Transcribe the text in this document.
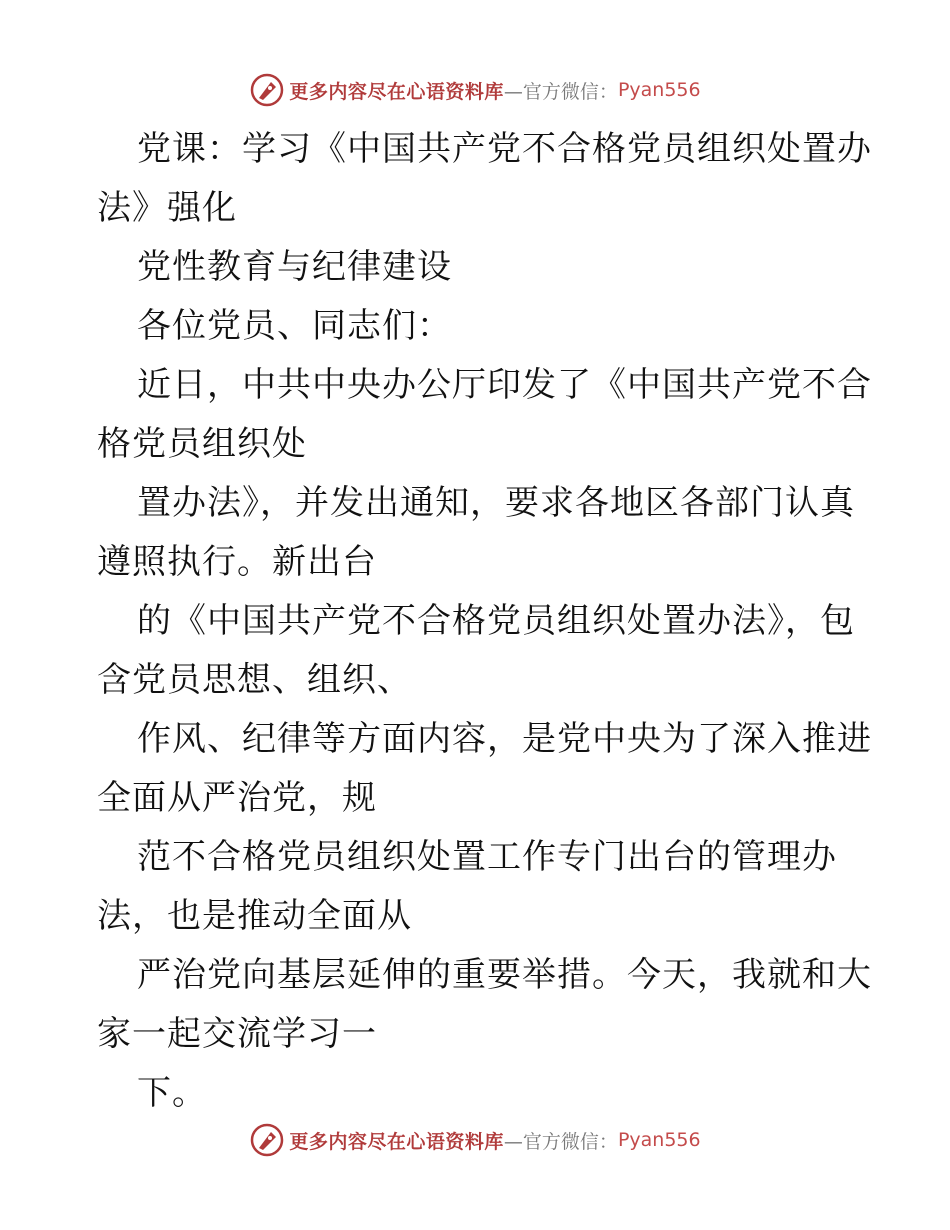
更多内容尽在心语资料库 —官方微信： Pyan556
党课：学习《中国共产党不合格党员组织处置办
法》强化
党性教育与纪律建设
各位党员、同志们：
近日，中共中央办公厅印发了《中国共产党不合
格党员组织处
置办法》，并发出通知，要求各地区各部门认真
遵照执行。新出台
的《中国共产党不合格党员组织处置办法》，包
含党员思想、组织、
作风、纪律等方面内容，是党中央为了深入推进
全面从严治党，规
范不合格党员组织处置工作专门出台的管理办
法，也是推动全面从
严治党向基层延伸的重要举措。今天，我就和大
家一起交流学习一
下。
更多内容尽在心语资料库 —官方微信： Pyan556
